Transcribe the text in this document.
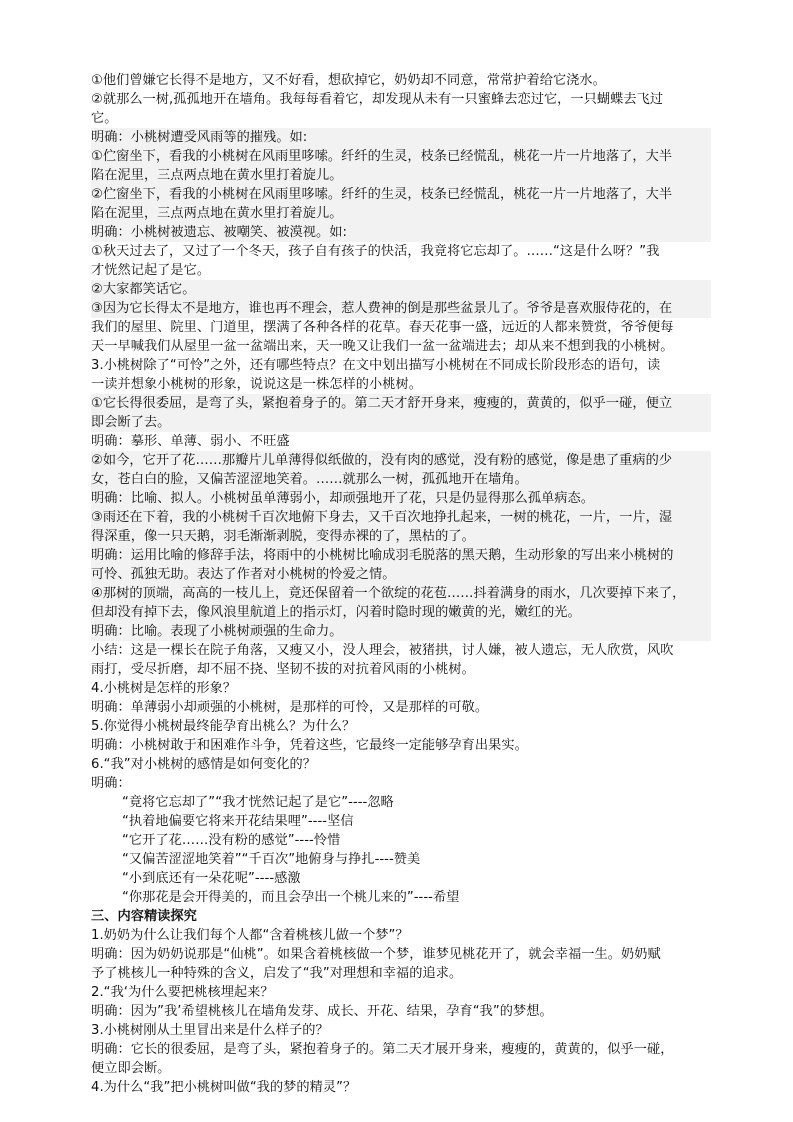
①他们曾嫌它长得不是地方，又不好看，想砍掉它，奶奶却不同意，常常护着给它浇水。
②就那么一树,孤孤地开在墙角。我每每看着它，却发现从未有一只蜜蜂去恋过它，一只蝴蝶去飞过
它。
明确：小桃树遭受风雨等的摧残。如:
①伫窗坐下，看我的小桃树在风雨里哆嗦。纤纤的生灵，枝条已经慌乱，桃花一片一片地落了，大半
陷在泥里，三点两点地在黄水里打着旋儿。
②伫窗坐下，看我的小桃树在风雨里哆嗦。纤纤的生灵，枝条已经慌乱，桃花一片一片地落了，大半
陷在泥里，三点两点地在黄水里打着旋儿。
明确：小桃树被遗忘、被嘲笑、被漠视。如:
①秋天过去了，又过了一个冬天，孩子自有孩子的快活，我竟将它忘却了。……“这是什么呀？”我
才恍然记起了是它。
②大家都笑话它。
③因为它长得太不是地方，谁也再不理会，惹人费神的倒是那些盆景儿了。爷爷是喜欢服侍花的，在
我们的屋里、院里、门道里，摆满了各种各样的花草。春天花事一盛，远近的人都来赞赏，爷爷便每
天一早喊我们从屋里一盆一盆端出来，天一晚又让我们一盆一盆端进去；却从来不想到我的小桃树。
3.小桃树除了“可怜”之外，还有哪些特点？在文中划出描写小桃树在不同成长阶段形态的语句，读
一读并想象小桃树的形象，说说这是一株怎样的小桃树。
①它长得很委屈，是弯了头，紧抱着身子的。第二天才舒开身来，瘦瘦的，黄黄的，似乎一碰，便立
即会断了去。
明确：摹形、单薄、弱小、不旺盛
②如今，它开了花……那瓣片儿单薄得似纸做的，没有肉的感觉，没有粉的感觉，像是患了重病的少
女，苍白白的脸，又偏苦涩涩地笑着。……就那么一树，孤孤地开在墙角。
明确：比喻、拟人。小桃树虽单薄弱小，却顽强地开了花，只是仍显得那么孤单病态。
③雨还在下着，我的小桃树千百次地俯下身去，又千百次地挣扎起来，一树的桃花，一片，一片，湿
得深重，像一只天鹅，羽毛渐渐剥脱，变得赤裸的了，黑枯的了。
明确：运用比喻的修辞手法，将雨中的小桃树比喻成羽毛脱落的黑天鹅，生动形象的写出来小桃树的
可怜、孤独无助。表达了作者对小桃树的怜爱之情。
④那树的顶端，高高的一枝儿上，竟还保留着一个欲绽的花苞……抖着满身的雨水，几次要掉下来了，
但却没有掉下去，像风浪里航道上的指示灯，闪着时隐时现的嫩黄的光，嫩红的光。
明确：比喻。表现了小桃树顽强的生命力。
小结：这是一棵长在院子角落，又瘦又小，没人理会，被猪拱，讨人嫌，被人遗忘，无人欣赏，风吹
雨打，受尽折磨，却不屈不挠、坚韧不拔的对抗着风雨的小桃树。
4.小桃树是怎样的形象？
明确：单薄弱小却顽强的小桃树，是那样的可怜，又是那样的可敬。
5.你觉得小桃树最终能孕育出桃么？为什么？
明确：小桃树敢于和困难作斗争，凭着这些，它最终一定能够孕育出果实。
6.“我”对小桃树的感情是如何变化的？
明确：
“竟将它忘却了”“我才恍然记起了是它”----忽略
“执着地偏要它将来开花结果哩”----坚信
“它开了花……没有粉的感觉”----怜惜
“又偏苦涩涩地笑着”“千百次”地俯身与挣扎----赞美
“小到底还有一朵花呢”----感激
“你那花是会开得美的，而且会孕出一个桃儿来的”----希望
三、内容精读探究
1.奶奶为什么让我们每个人都“含着桃核儿做一个梦”？
明确：因为奶奶说那是“仙桃”。如果含着桃核做一个梦，谁梦见桃花开了，就会幸福一生。奶奶赋
予了桃核儿一种特殊的含义，启发了“我”对理想和幸福的追求。
2.“我‘为什么要把桃核埋起来？
明确：因为”我’希望桃核儿在墙角发芽、成长、开花、结果，孕育“我”的梦想。
3.小桃树刚从土里冒出来是什么样子的？
明确：它长的很委屈，是弯了头，紧抱着身子的。第二天才展开身来，瘦瘦的，黄黄的，似乎一碰，
便立即会断。
4.为什么“我”把小桃树叫做“我的梦的精灵”？
